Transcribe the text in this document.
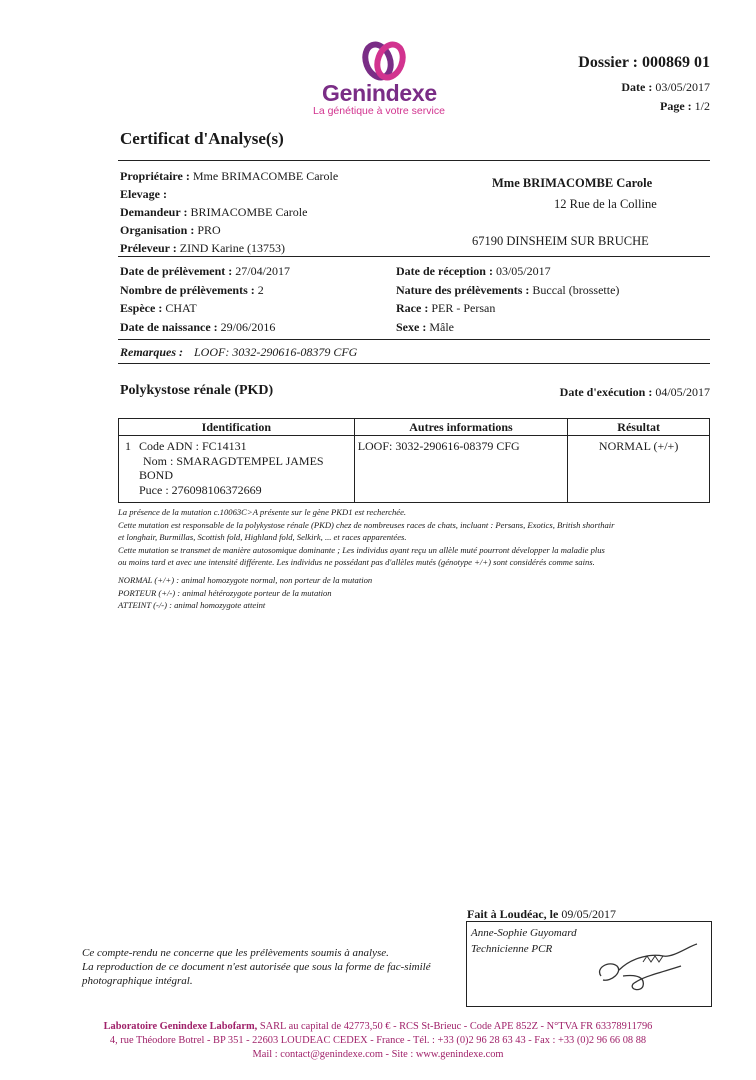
Genindexe
La génétique à votre service
Dossier : 000869 01
Date : 03/05/2017
Page : 1/2
Certificat d'Analyse(s)
Propriétaire : Mme BRIMACOMBE Carole
Elevage :
Demandeur : BRIMACOMBE Carole
Organisation : PRO
Préleveur : ZIND Karine (13753)
Mme BRIMACOMBE Carole
12 Rue de la Colline
67190 DINSHEIM SUR BRUCHE
Date de prélèvement : 27/04/2017
Nombre de prélèvements : 2
Espèce : CHAT
Date de naissance : 29/06/2016
Date de réception : 03/05/2017
Nature des prélèvements : Buccal (brossette)
Race : PER - Persan
Sexe : Mâle
Remarques : LOOF: 3032-290616-08379 CFG
Polykystose rénale (PKD)	Date d'exécution : 04/05/2017
Identification	Autres informations	Résultat

1 Code ADN : FC14131
Nom : SMARAGDTEMPEL JAMES
BOND
Puce : 276098106372669	LOOF: 3032-290616-08379 CFG	NORMAL (+/+)
La présence de la mutation c.10063C>A présente sur le gène PKD1 est recherchée.
Cette mutation est responsable de la polykystose rénale (PKD) chez de nombreuses races de chats, incluant : Persans, Exotics, British shorthair
et longhair, Burmillas, Scottish fold, Highland fold, Selkirk, ... et races apparentées.
Cette mutation se transmet de manière autosomique dominante ; Les individus ayant reçu un allèle muté pourront développer la maladie plus
ou moins tard et avec une intensité différente. Les individus ne possédant pas d'allèles mutés (génotype +/+) sont considérés comme sains.
NORMAL (+/+) : animal homozygote normal, non porteur de la mutation
PORTEUR (+/-) : animal hétérozygote porteur de la mutation
ATTEINT (-/-) : animal homozygote atteint
Fait à Loudéac, le 09/05/2017
Anne-Sophie Guyomard
Technicienne PCR
Ce compte-rendu ne concerne que les prélèvements soumis à analyse.
La reproduction de ce document n'est autorisée que sous la forme de fac-similé
photographique intégral.
Laboratoire Genindexe Labofarm, SARL au capital de 42773,50 € - RCS St-Brieuc - Code APE 852Z - N°TVA FR 63378911796
4, rue Théodore Botrel - BP 351 - 22603 LOUDEAC CEDEX - France - Tél. : +33 (0)2 96 28 63 43 - Fax : +33 (0)2 96 66 08 88
Mail : contact@genindexe.com - Site : www.genindexe.com
